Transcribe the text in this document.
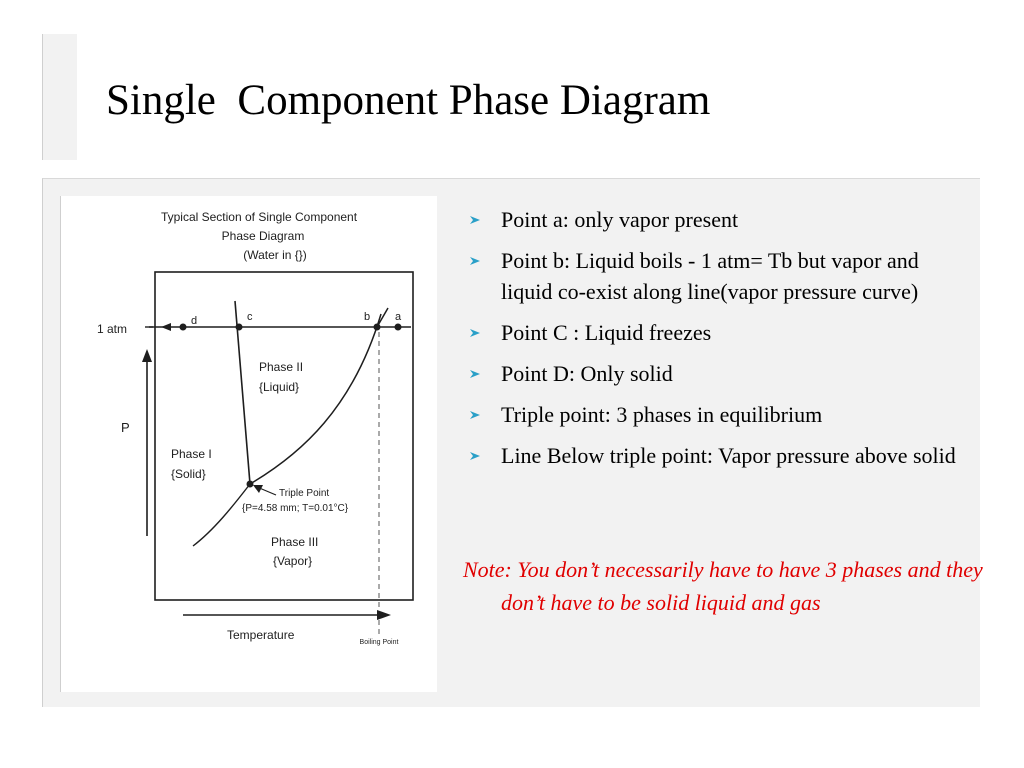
Single  Component Phase Diagram
Typical Section of Single Component
Phase Diagram
(Water in {})
1 atm
d	c	b a
Triple Point
{P=4.58 mm; T=0.01°C}
Phase II
{Liquid}
Phase I
{Solid}
Phase III
{Vapor}
Boiling Point
P
Temperature
Point a: only vapor present
Point b: Liquid boils - 1 atm= Tb but vapor and liquid co-exist along line(vapor pressure curve)
Point C : Liquid freezes
Point D: Only solid
Triple point: 3 phases in equilibrium
Line Below triple point: Vapor pressure above solid

Note: You don’t necessarily have to have 3 phases and they don’t have to be solid liquid and gas
